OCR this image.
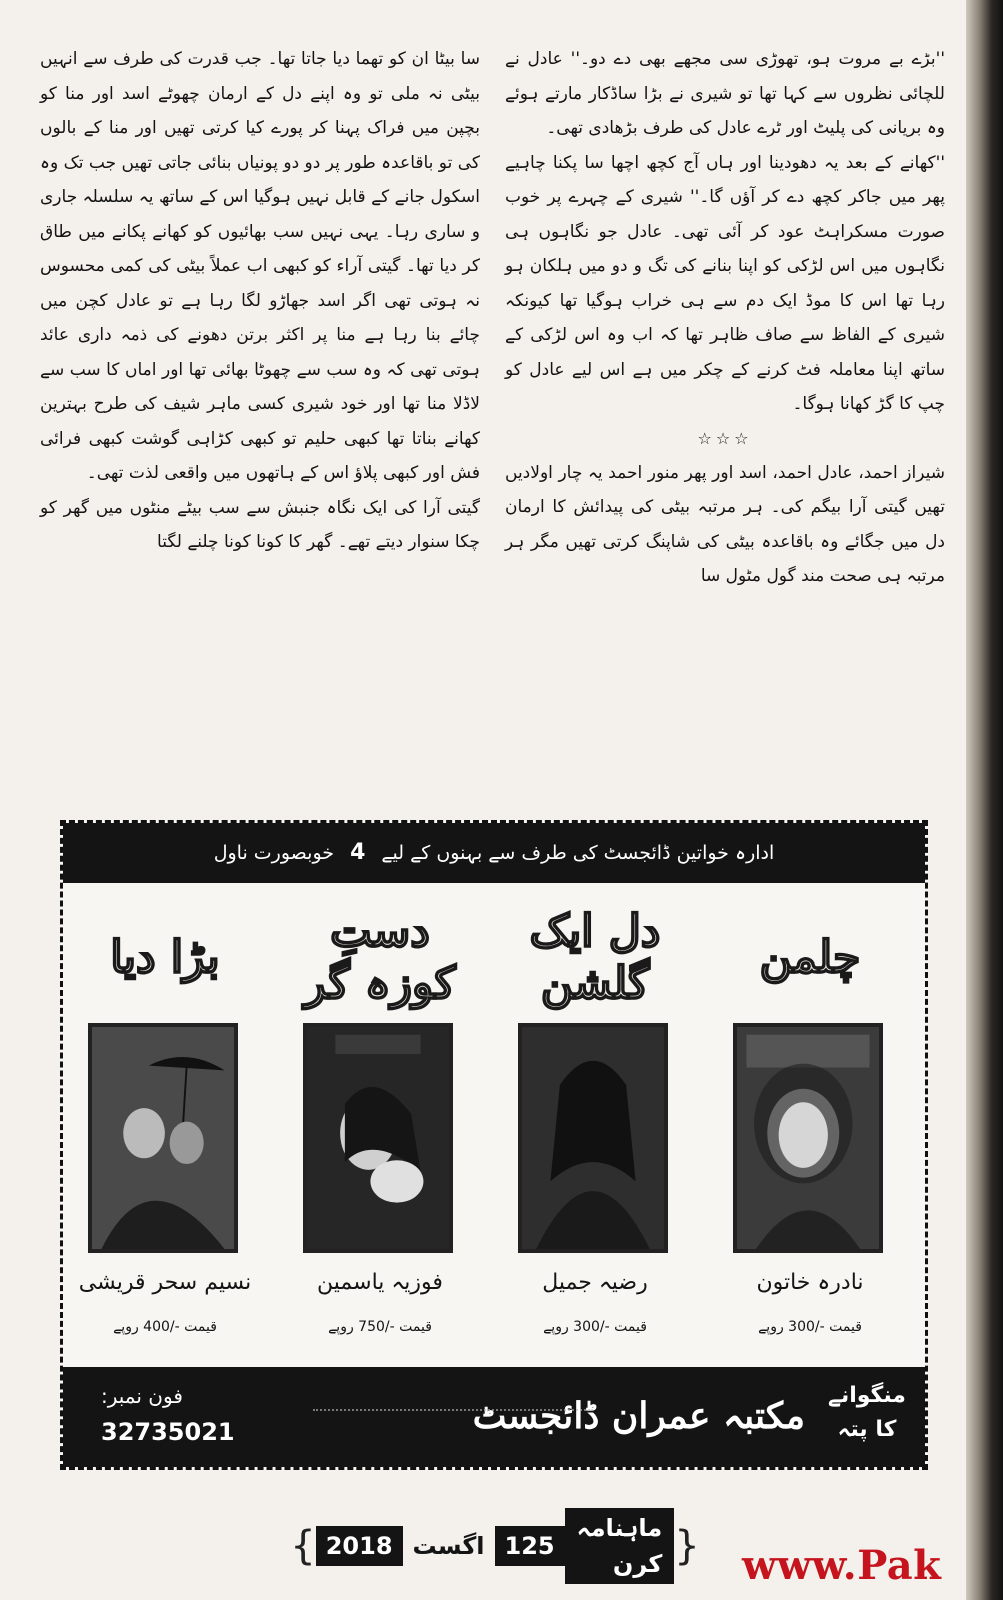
''بڑے بے مروت ہو، تھوڑی سی مجھے بھی دے دو۔'' عادل نے للچائی نظروں سے کہا تھا تو شیری نے بڑا ساڈکار مارتے ہوئے وہ بریانی کی پلیٹ اور ٹرے عادل کی طرف بڑھادی تھی۔

''کھانے کے بعد یہ دھودینا اور ہاں آج کچھ اچھا سا پکنا چاہیے پھر میں جاکر کچھ دے کر آؤں گا۔'' شیری کے چہرے پر خوب صورت مسکراہٹ عود کر آئی تھی۔ عادل جو نگاہوں ہی نگاہوں میں اس لڑکی کو اپنا بنانے کی تگ و دو میں ہلکان ہو رہا تھا اس کا موڈ ایک دم سے ہی خراب ہوگیا تھا کیونکہ شیری کے الفاظ سے صاف ظاہر تھا کہ اب وہ اس لڑکی کے ساتھ اپنا معاملہ فٹ کرنے کے چکر میں ہے اس لیے عادل کو چپ کا گڑ کھانا ہوگا۔

☆☆☆

شیراز احمد، عادل احمد، اسد اور پھر منور احمد یہ چار اولادیں تھیں گیتی آرا بیگم کی۔ ہر مرتبہ بیٹی کی پیدائش کا ارمان دل میں جگائے وہ باقاعدہ بیٹی کی شاپنگ کرتی تھیں مگر ہر مرتبہ ہی صحت مند گول مٹول سا

سا بیٹا ان کو تھما دیا جاتا تھا۔ جب قدرت کی طرف سے انہیں بیٹی نہ ملی تو وہ اپنے دل کے ارمان چھوٹے اسد اور منا کو بچپن میں فراک پہنا کر پورے کیا کرتی تھیں اور منا کے بالوں کی تو باقاعدہ طور پر دو دو پونیاں بنائی جاتی تھیں جب تک وہ اسکول جانے کے قابل نہیں ہوگیا اس کے ساتھ یہ سلسلہ جاری و ساری رہا۔ یہی نہیں سب بھائیوں کو کھانے پکانے میں طاق کر دیا تھا۔ گیتی آراء کو کبھی اب عملاً بیٹی کی کمی محسوس نہ ہوتی تھی اگر اسد جھاڑو لگا رہا ہے تو عادل کچن میں چائے بنا رہا ہے منا پر اکثر برتن دھونے کی ذمہ داری عائد ہوتی تھی کہ وہ سب سے چھوٹا بھائی تھا اور اماں کا سب سے لاڈلا منا تھا اور خود شیری کسی ماہر شیف کی طرح بہترین کھانے بناتا تھا کبھی حلیم تو کبھی کڑاہی گوشت کبھی فرائی فش اور کبھی پلاؤ اس کے ہاتھوں میں واقعی لذت تھی۔

گیتی آرا کی ایک نگاہ جنبش سے سب بیٹے منٹوں میں گھر کو چکا سنوار دیتے تھے۔ گھر کا کونا کونا چلنے لگتا

ادارہ خواتین ڈائجسٹ کی طرف سے بہنوں کے لیے 4 خوبصورت ناول
چلمن
نادرہ خاتون
قیمت -/300 روپے
دل ایک
گلشن
رضیہ جمیل
قیمت -/300 روپے
دستِ کوزہ گر
فوزیہ یاسمین
قیمت -/750 روپے
بڑا دیا
نسیم سحر قریشی
قیمت -/400 روپے
منگوانے کا پتہ
مکتبہ عمران ڈائجسٹ
فون نمبر:
32735021
{ 2018 اگست 125
ماہنامہ کرن } www.Pak
